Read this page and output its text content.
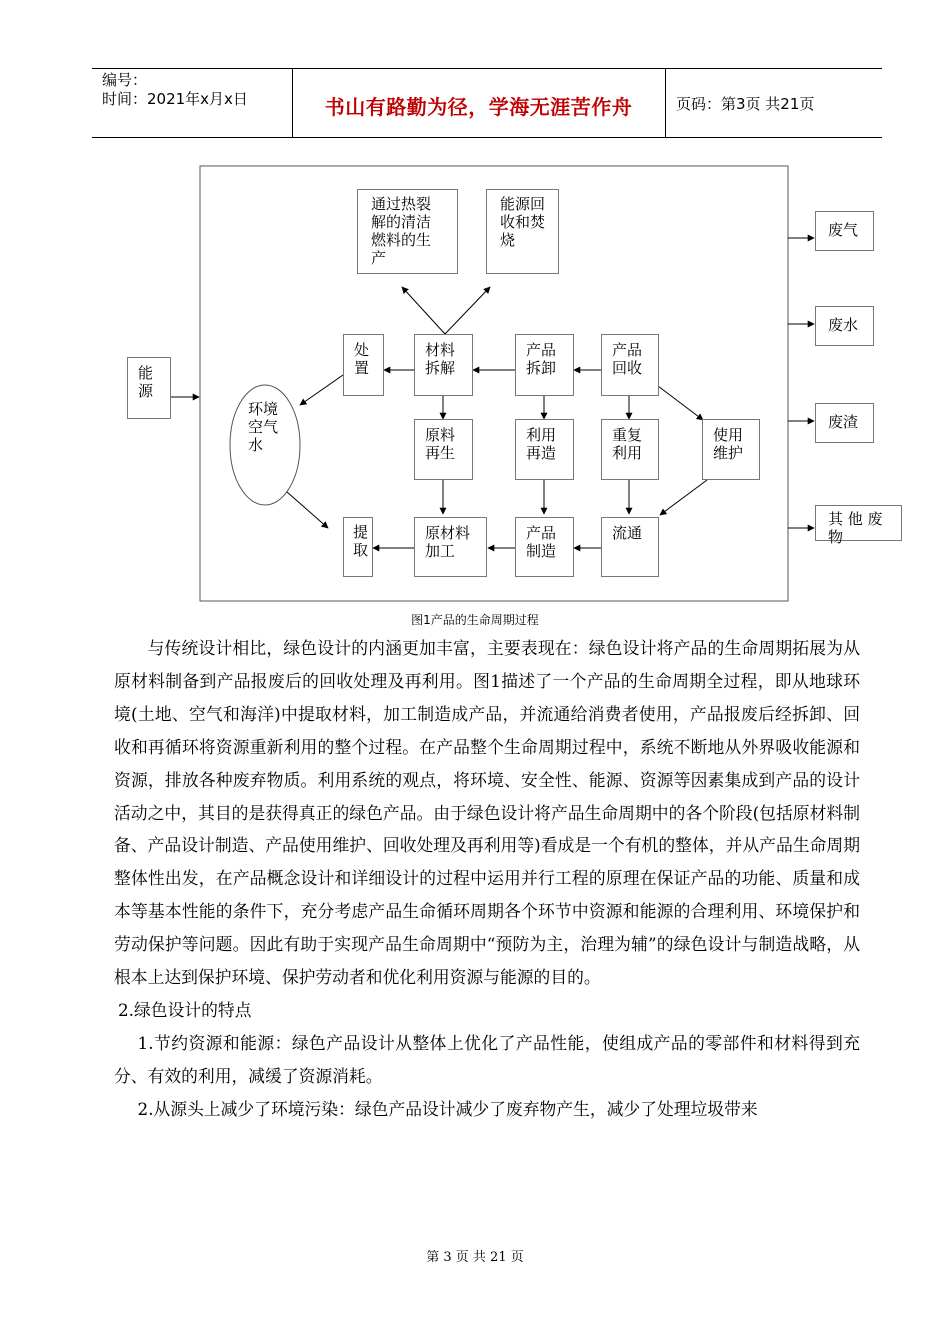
编号：
时间：2021年x月x日	书山有路勤为径，学海无涯苦作舟	页码：第3页 共21页
能
源
环境
空气
水
处
置
提
取
通过热裂
解的清洁
燃料的生
产
能源回
收和焚
烧
材料
拆解
产品
拆卸
产品
回收
原料
再生
利用
再造
重复
利用
使用
维护
原材料
加工
产品
制造
流通
废气
废水
废渣
其 他 废
物
图1产品的生命周期过程

与传统设计相比，绿色设计的内涵更加丰富，主要表现在：绿色设计将产品的生命周期拓展为从原材料制备到产品报废后的回收处理及再利用。图1描述了一个产品的生命周期全过程，即从地球环境(土地、空气和海洋)中提取材料，加工制造成产品，并流通给消费者使用，产品报废后经拆卸、回收和再循环将资源重新利用的整个过程。在产品整个生命周期过程中，系统不断地从外界吸收能源和资源，排放各种废弃物质。利用系统的观点，将环境、安全性、能源、资源等因素集成到产品的设计活动之中，其目的是获得真正的绿色产品。由于绿色设计将产品生命周期中的各个阶段(包括原材料制备、产品设计制造、产品使用维护、回收处理及再利用等)看成是一个有机的整体，并从产品生命周期整体性出发，在产品概念设计和详细设计的过程中运用并行工程的原理在保证产品的功能、质量和成本等基本性能的条件下，充分考虑产品生命循环周期各个环节中资源和能源的合理利用、环境保护和劳动保护等问题。因此有助于实现产品生命周期中“预防为主，治理为辅”的绿色设计与制造战略，从根本上达到保护环境、保护劳动者和优化利用资源与能源的目的。

2.绿色设计的特点

1.节约资源和能源：绿色产品设计从整体上优化了产品性能，使组成产品的零部件和材料得到充分、有效的利用，减缓了资源消耗。

2.从源头上减少了环境污染：绿色产品设计减少了废弃物产生，减少了处理垃圾带来

第 3 页 共 21 页
